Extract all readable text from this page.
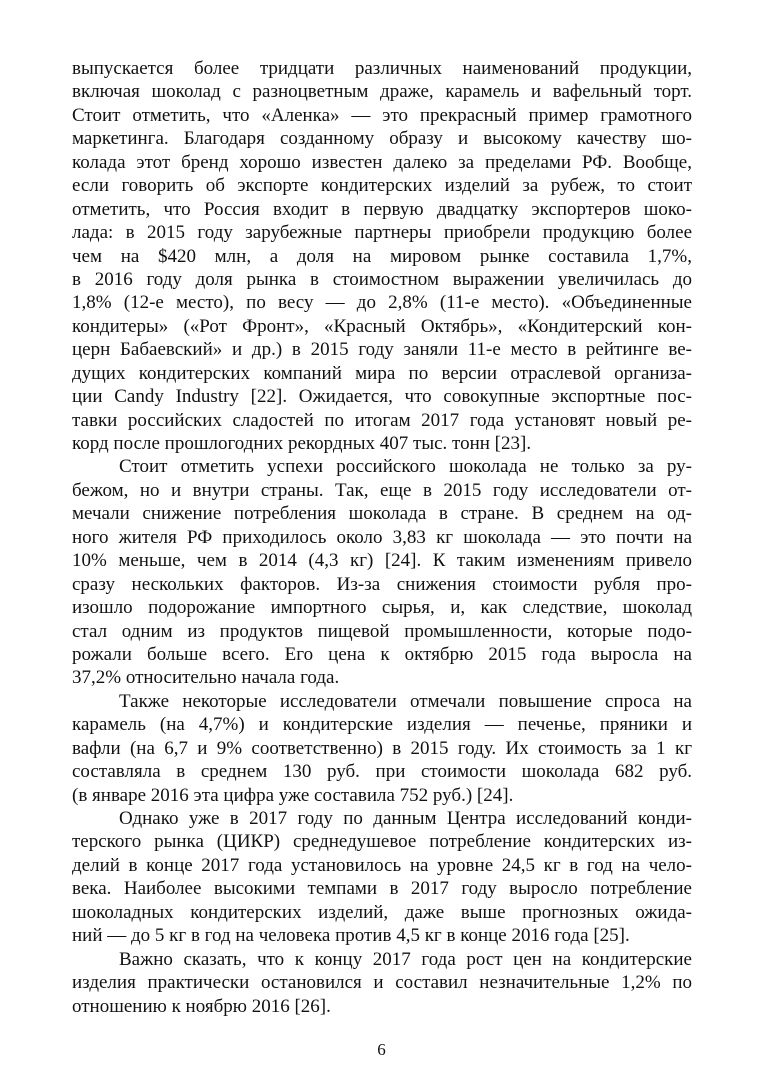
выпускается более тридцати различных наименований продукции,
включая шоколад с разноцветным драже, карамель и вафельный торт.
Стоит отметить, что «Аленка» — это прекрасный пример грамотного
маркетинга. Благодаря созданному образу и высокому качеству шо-
колада этот бренд хорошо известен далеко за пределами РФ. Вообще,
если говорить об экспорте кондитерских изделий за рубеж, то стоит
отметить, что Россия входит в первую двадцатку экспортеров шоко-
лада: в 2015 году зарубежные партнеры приобрели продукцию более
чем на $420 млн, а доля на мировом рынке составила 1,7%,
в 2016 году доля рынка в стоимостном выражении увеличилась до
1,8% (12-е место), по весу — до 2,8% (11-е место). «Объединенные
кондитеры» («Рот Фронт», «Красный Октябрь», «Кондитерский кон-
церн Бабаевский» и др.) в 2015 году заняли 11-е место в рейтинге ве-
дущих кондитерских компаний мира по версии отраслевой организа-
ции Candy Industry [22]. Ожидается, что совокупные экспортные пос-
тавки российских сладостей по итогам 2017 года установят новый ре-
корд после прошлогодних рекордных 407 тыс. тонн [23].
Стоит отметить успехи российского шоколада не только за ру-
бежом, но и внутри страны. Так, еще в 2015 году исследователи от-
мечали снижение потребления шоколада в стране. В среднем на од-
ного жителя РФ приходилось около 3,83 кг шоколада — это почти на
10% меньше, чем в 2014 (4,3 кг) [24]. К таким изменениям привело
сразу нескольких факторов. Из-за снижения стоимости рубля про-
изошло подорожание импортного сырья, и, как следствие, шоколад
стал одним из продуктов пищевой промышленности, которые подо-
рожали больше всего. Его цена к октябрю 2015 года выросла на
37,2% относительно начала года.
Также некоторые исследователи отмечали повышение спроса на
карамель (на 4,7%) и кондитерские изделия — печенье, пряники и
вафли (на 6,7 и 9% соответственно) в 2015 году. Их стоимость за 1 кг
составляла в среднем 130 руб. при стоимости шоколада 682 руб.
(в январе 2016 эта цифра уже составила 752 руб.) [24].
Однако уже в 2017 году по данным Центра исследований конди-
терского рынка (ЦИКР) среднедушевое потребление кондитерских из-
делий в конце 2017 года установилось на уровне 24,5 кг в год на чело-
века. Наиболее высокими темпами в 2017 году выросло потребление
шоколадных кондитерских изделий, даже выше прогнозных ожида-
ний — до 5 кг в год на человека против 4,5 кг в конце 2016 года [25].
Важно сказать, что к концу 2017 года рост цен на кондитерские
изделия практически остановился и составил незначительные 1,2% по
отношению к ноябрю 2016 [26].
6
